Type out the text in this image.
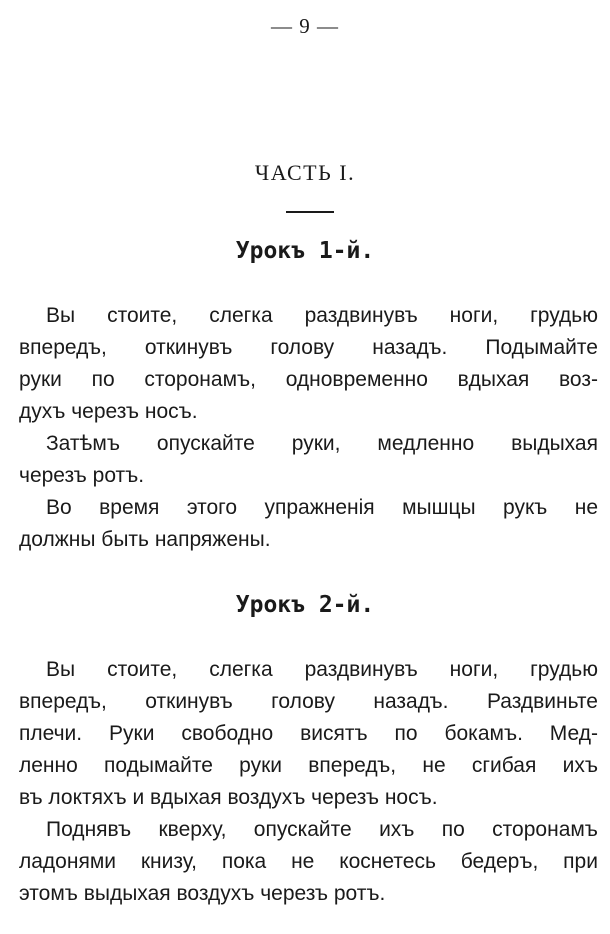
— 9 —
ЧАСТЬ I.
Урокъ 1-й.
Вы стоите, слегка раздвинувъ ноги, грудью
впередъ, откинувъ голову назадъ. Подымайте
руки по сторонамъ, одновременно вдыхая воз-
духъ черезъ носъ.
Затѣмъ опускайте руки, медленно выдыхая
черезъ ротъ.
Во время этого упражненія мышцы рукъ не
должны быть напряжены.
Урокъ 2-й.
Вы стоите, слегка раздвинувъ ноги, грудью
впередъ, откинувъ голову назадъ. Раздвиньте
плечи. Руки свободно висятъ по бокамъ. Мед-
ленно подымайте руки впередъ, не сгибая ихъ
въ локтяхъ и вдыхая воздухъ черезъ носъ.
Поднявъ кверху, опускайте ихъ по сторонамъ
ладонями книзу, пока не коснетесь бедеръ, при
этомъ выдыхая воздухъ черезъ ротъ.
